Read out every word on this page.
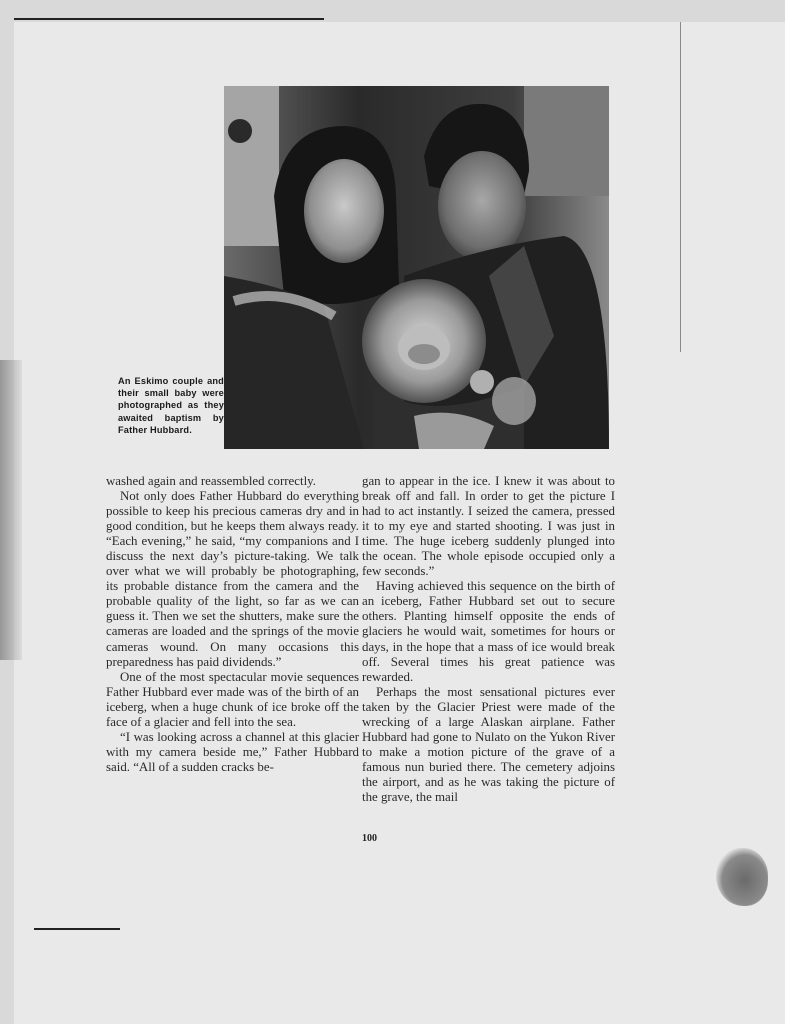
An Eskimo couple and their small baby were photographed as they awaited baptism by Father Hubbard.

washed again and reassembled correctly.

Not only does Father Hubbard do everything possible to keep his precious cameras dry and in good condition, but he keeps them always ready. “Each evening,” he said, “my companions and I discuss the next day’s picture-taking. We talk over what we will probably be photographing, its probable distance from the camera and the probable quality of the light, so far as we can guess it. Then we set the shutters, make sure the cameras are loaded and the springs of the movie cameras wound. On many occasions this preparedness has paid dividends.”

One of the most spectacular movie sequences Father Hubbard ever made was of the birth of an iceberg, when a huge chunk of ice broke off the face of a glacier and fell into the sea.

“I was looking across a channel at this glacier with my camera beside me,” Father Hubbard said. “All of a sudden cracks be-

gan to appear in the ice. I knew it was about to break off and fall. In order to get the picture I had to act instantly. I seized the camera, pressed it to my eye and started shooting. I was just in time. The huge iceberg suddenly plunged into the ocean. The whole episode occupied only a few seconds.”

Having achieved this sequence on the birth of an iceberg, Father Hubbard set out to secure others. Planting himself opposite the ends of glaciers he would wait, sometimes for hours or days, in the hope that a mass of ice would break off. Several times his great patience was rewarded.

Perhaps the most sensational pictures ever taken by the Glacier Priest were made of the wrecking of a large Alaskan airplane. Father Hubbard had gone to Nulato on the Yukon River to make a motion picture of the grave of a famous nun buried there. The cemetery adjoins the airport, and as he was taking the picture of the grave, the mail

100
